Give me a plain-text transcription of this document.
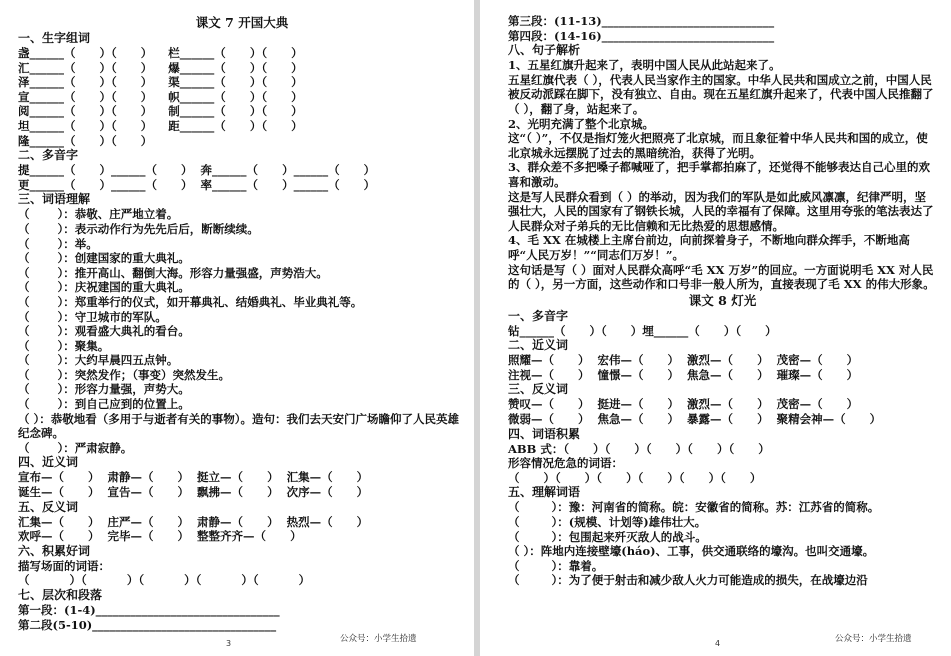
课文 7 开国大典
一、生字组词
盏______（      ）（      ）    栏______（      ）（      ）
汇______（      ）（      ）    爆______（      ）（      ）
泽______（      ）（      ）    渠______（      ）（      ）
宣______（      ）（      ）    帜______（      ）（      ）
阅______（      ）（      ）    制______（      ）（      ）
坦______（      ）（      ）    距______（      ）（      ）
隆______（      ）（      ）
二、多音字
提______（      ）______（      ）  奔______（      ）______（      ）
更______（      ）______（      ）  率______（      ）______（      ）
三、词语理解
（       ）：恭敬、庄严地立着。
（       ）：表示动作行为先先后后，断断续续。
（       ）：举。
（       ）：创建国家的重大典礼。
（       ）：推开高山、翻倒大海。形容力量强盛，声势浩大。
（       ）：庆祝建国的重大典礼。
（       ）：郑重举行的仪式，如开幕典礼、结婚典礼、毕业典礼等。
（       ）：守卫城市的军队。
（       ）：观看盛大典礼的看台。
（       ）：聚集。
（       ）：大约早晨四五点钟。
（       ）：突然发作；（事变）突然发生。
（       ）：形容力量强，声势大。
（       ）：到自己应到的位置上。
（ ）：恭敬地看（多用于与逝者有关的事物）。造句：我们去天安门广场瞻仰了人民英雄纪念碑。
（       ）：严肃寂静。
四、近义词
宣布—（      ）  肃静—（      ）  挺立—（      ）  汇集—（      ）
诞生—（      ）  宣告—（      ）  飘拂—（      ）  次序—（      ）
五、反义词
汇集—（      ）  庄严—（      ）  肃静—（      ）  热烈—（      ）
欢呼—（      ）  完毕—（      ）  整整齐齐—（      ）
六、积累好词
描写场面的词语：
（          ）（          ）（          ）（          ）（          ）
七、层次和段落
第一段：(1-4)________________________________
第二段(5-10)________________________________
公众号：小学生拾遗
3
第三段：(11-13)______________________________
第四段：(14-16)______________________________
八、句子解析
1、五星红旗升起来了，表明中国人民从此站起来了。
五星红旗代表（ ），代表人民当家作主的国家。中华人民共和国成立之前，中国人民被反动派踩在脚下，没有独立、自由。现在五星红旗升起来了，代表中国人民推翻了（ ），翻了身，站起来了。
2、光明充满了整个北京城。
这“（ ）”，不仅是指灯笼火把照亮了北京城，而且象征着中华人民共和国的成立，使北京城永远摆脱了过去的黑暗统治，获得了光明。
3、群众差不多把嗓子都喊哑了，把手掌都拍麻了，还觉得不能够表达自己心里的欢喜和激动。
这是写人民群众看到（ ）的举动，因为我们的军队是如此威风凛凛，纪律严明，坚强壮大，人民的国家有了钢铁长城，人民的幸福有了保障。这里用夸张的笔法表达了人民群众对子弟兵的无比信赖和无比热爱的思想感情。
4、毛 XX 在城楼上主席台前边，向前探着身子，不断地向群众挥手，不断地高呼“人民万岁！”“同志们万岁！”。
这句话是写（ ）面对人民群众高呼“毛 XX 万岁”的回应。一方面说明毛 XX 对人民的（ ），另一方面，这些动作和口号非一般人所为，直接表现了毛 XX 的伟大形象。
课文 8 灯光
一、多音字
钻______（      ）（      ）埋______（      ）（      ）
二、近义词
照耀—（      ）  宏伟—（      ）  激烈—（      ）  茂密—（      ）
注视—（      ）  憧憬—（      ）  焦急—（      ）  璀璨—（      ）
三、反义词
赞叹—（      ）  挺进—（      ）  激烈—（      ）  茂密—（      ）
微弱—（      ）  焦急—（      ）  暴露—（      ）  聚精会神—（      ）
四、词语积累
ABB 式：（      ）（      ）（      ）（      ）（      ）
形容情况危急的词语：
（      ）（      ）（      ）（      ）（      ）（      ）
五、理解词语
（        ）：豫：河南省的简称。皖：安徽省的简称。苏：江苏省的简称。
（        ）：(规模、计划等)雄伟壮大。
（        ）：包围起来歼灭敌人的战斗。
（ ）：阵地内连接壁壕(háo)、工事，供交通联络的壕沟。也叫交通壕。
（        ）：靠着。
（        ）：为了便于射击和减少敌人火力可能造成的损失，在战壕边沿
公众号：小学生拾遗
4
